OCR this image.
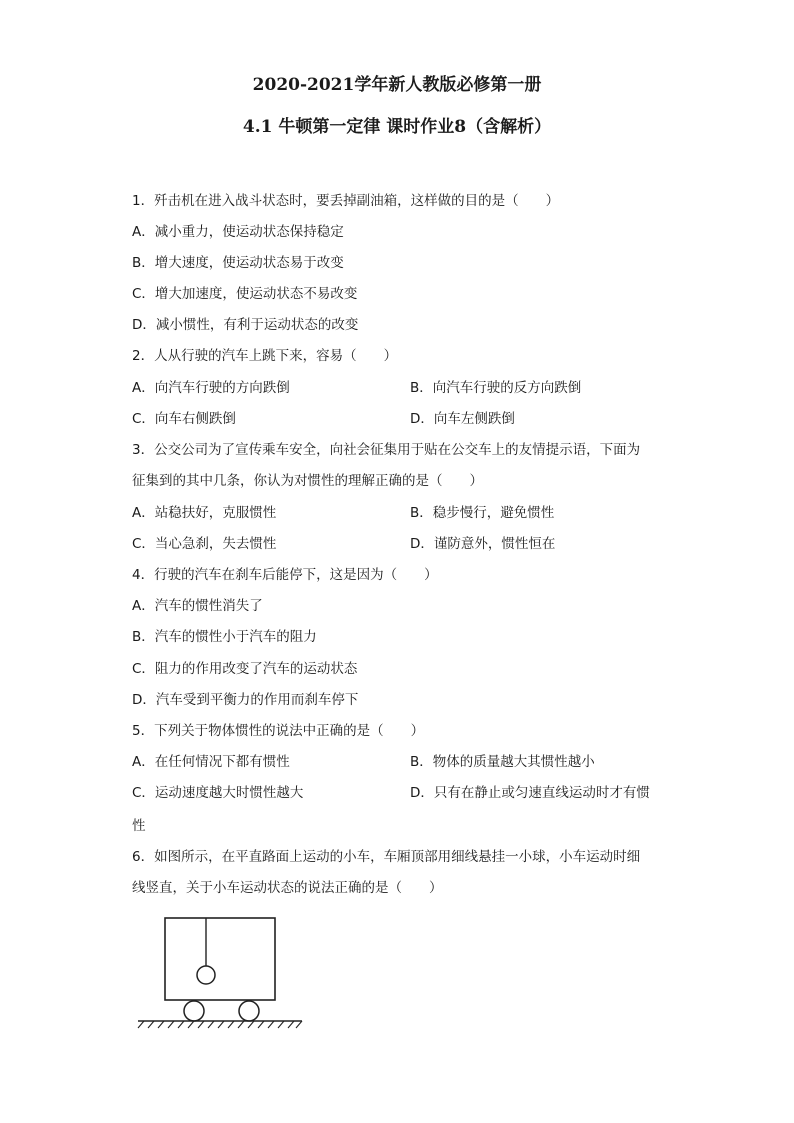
2020-2021学年新人教版必修第一册
4.1 牛顿第一定律 课时作业8（含解析）
1．歼击机在进入战斗状态时，要丢掉副油箱，这样做的目的是（　　）
A．减小重力，使运动状态保持稳定
B．增大速度，使运动状态易于改变
C．增大加速度，使运动状态不易改变
D．减小惯性，有利于运动状态的改变
2．人从行驶的汽车上跳下来，容易（　　）
A．向汽车行驶的方向跌倒	B．向汽车行驶的反方向跌倒
C．向车右侧跌倒	D．向车左侧跌倒
3．公交公司为了宣传乘车安全，向社会征集用于贴在公交车上的友情提示语，下面为
征集到的其中几条，你认为对惯性的理解正确的是（　　）
A．站稳扶好，克服惯性	B．稳步慢行，避免惯性
C．当心急刹，失去惯性	D．谨防意外，惯性恒在
4．行驶的汽车在刹车后能停下，这是因为（　　）
A．汽车的惯性消失了
B．汽车的惯性小于汽车的阻力
C．阻力的作用改变了汽车的运动状态
D．汽车受到平衡力的作用而刹车停下
5．下列关于物体惯性的说法中正确的是（　　）
A．在任何情况下都有惯性	B．物体的质量越大其惯性越小
C．运动速度越大时惯性越大	D．只有在静止或匀速直线运动时才有惯
性
6．如图所示，在平直路面上运动的小车，车厢顶部用细线悬挂一小球，小车运动时细
线竖直，关于小车运动状态的说法正确的是（　　）
